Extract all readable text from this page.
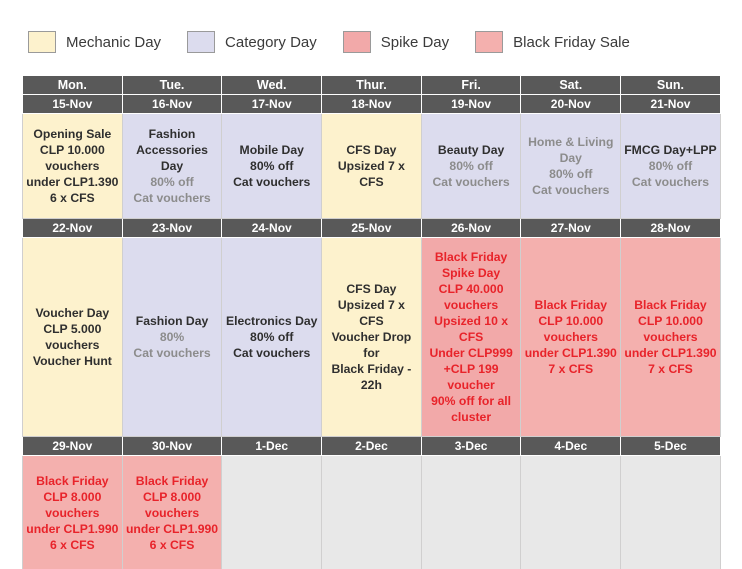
Mechanic Day	Category Day	Spike Day	Black Friday Sale
Mon.	Tue.	Wed.	Thur.	Fri.	Sat.	Sun.
15-Nov	16-Nov	17-Nov	18-Nov	19-Nov	20-Nov	21-Nov

Opening Sale
CLP 10.000
vouchers
under CLP1.390
6 x CFS	Fashion
Accessories Day
80% off
Cat vouchers	Mobile Day
80% off
Cat vouchers	CFS Day
Upsized 7 x CFS	Beauty Day
80% off
Cat vouchers	Home & Living Day
80% off
Cat vouchers	FMCG Day+LPP
80% off
Cat vouchers

22-Nov	23-Nov	24-Nov	25-Nov	26-Nov	27-Nov	28-Nov

Voucher Day
CLP 5.000
vouchers
Voucher Hunt

Fashion Day
80%
Cat vouchers

Electronics Day
80% off
Cat vouchers

CFS Day
Upsized 7 x CFS
Voucher Drop for
Black Friday -
22h

Black Friday
Spike Day
CLP 40.000
vouchers
Upsized 10 x
CFS
Under CLP999
+CLP 199
voucher
90% off for all
cluster

Black Friday
CLP 10.000
vouchers
under CLP1.390
7 x CFS

Black Friday
CLP 10.000
vouchers
under CLP1.390
7 x CFS

29-Nov	30-Nov	1-Dec	2-Dec	3-Dec	4-Dec	5-Dec

Black Friday
CLP 8.000
vouchers
under CLP1.990
6 x CFS	Black Friday
CLP 8.000
vouchers
under CLP1.990
6 x CFS					
